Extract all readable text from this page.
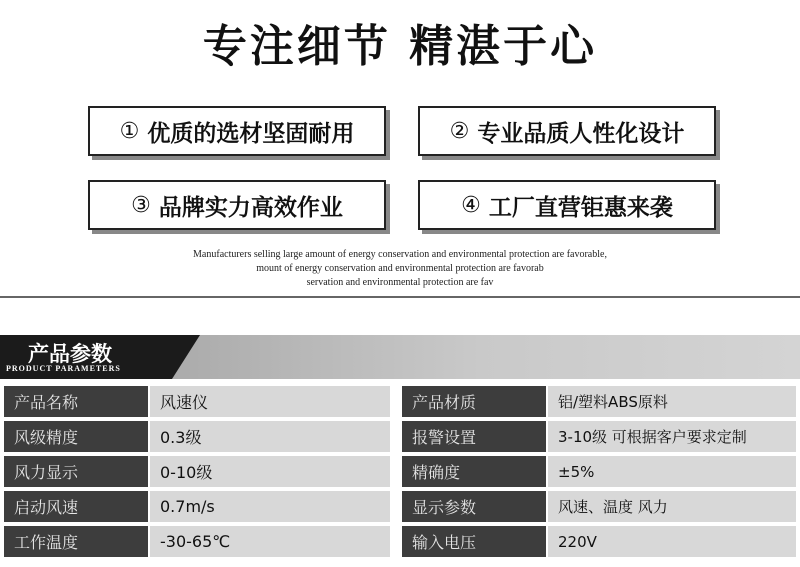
专注细节 精湛于心
① 优质的选材坚固耐用	② 专业品质人性化设计
③ 品牌实力高效作业	④ 工厂直营钜惠来袭
Manufacturers selling large amount of energy conservation and environmental protection are favorable,
mount of energy conservation and environmental protection are favorab
servation and environmental protection are fav
产品参数
PRODUCT PARAMETERS
产品名称	风速仪	产品材质	铝/塑料ABS原料
风级精度	0.3级	报警设置	3-10级 可根据客户要求定制
风力显示	0-10级	精确度	±5%
启动风速	0.7m/s	显示参数	风速、温度 风力
工作温度	-30-65℃	输入电压	220V
